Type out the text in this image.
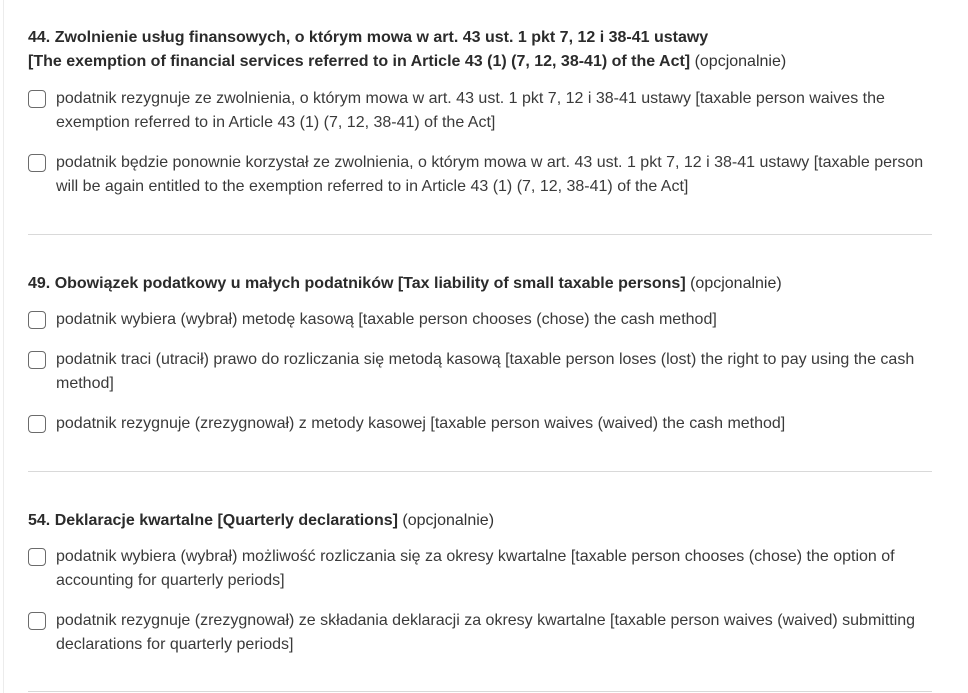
44. Zwolnienie usług finansowych, o którym mowa w art. 43 ust. 1 pkt 7, 12 i 38-41 ustawy
[The exemption of financial services referred to in Article 43 (1) (7, 12, 38-41) of the Act] (opcjonalnie)

podatnik rezygnuje ze zwolnienia, o którym mowa w art. 43 ust. 1 pkt 7, 12 i 38-41 ustawy [taxable person waives the exemption referred to in Article 43 (1) (7, 12, 38-41) of the Act]
podatnik będzie ponownie korzystał ze zwolnienia, o którym mowa w art. 43 ust. 1 pkt 7, 12 i 38-41 ustawy [taxable person will be again entitled to the exemption referred to in Article 43 (1) (7, 12, 38-41) of the Act]

49. Obowiązek podatkowy u małych podatników [Tax liability of small taxable persons] (opcjonalnie)

podatnik wybiera (wybrał) metodę kasową [taxable person chooses (chose) the cash method]
podatnik traci (utracił) prawo do rozliczania się metodą kasową [taxable person loses (lost) the right to pay using the cash method]
podatnik rezygnuje (zrezygnował) z metody kasowej [taxable person waives (waived) the cash method]

54. Deklaracje kwartalne [Quarterly declarations] (opcjonalnie)

podatnik wybiera (wybrał) możliwość rozliczania się za okresy kwartalne [taxable person chooses (chose) the option of accounting for quarterly periods]
podatnik rezygnuje (zrezygnował) ze składania deklaracji za okresy kwartalne [taxable person waives (waived) submitting declarations for quarterly periods]
